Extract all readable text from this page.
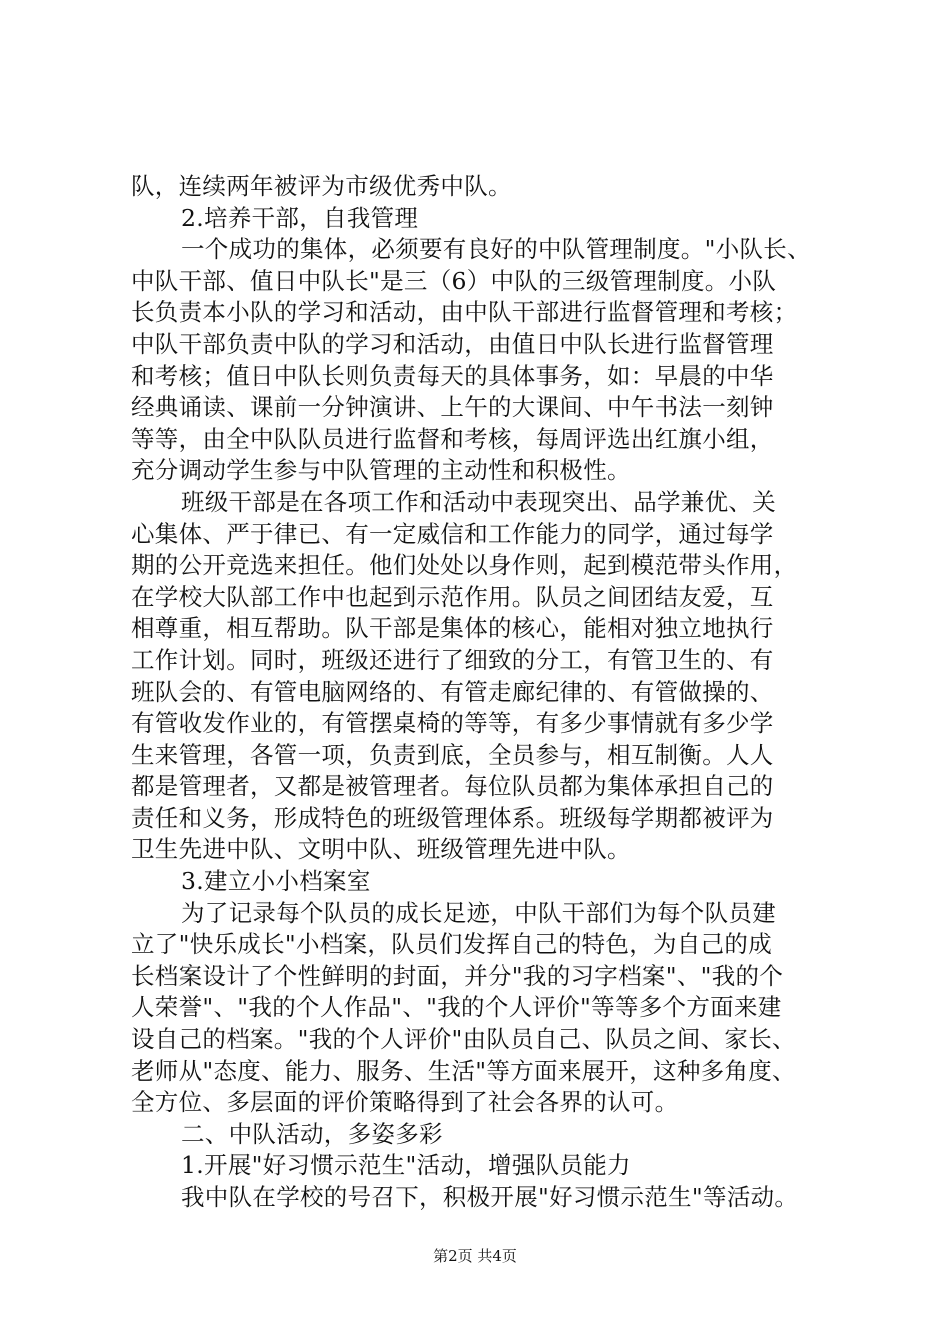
队，连续两年被评为市级优秀中队。
2.培养干部，自我管理
一个成功的集体，必须要有良好的中队管理制度。"小队长、
中队干部、值日中队长"是三（6）中队的三级管理制度。小队
长负责本小队的学习和活动，由中队干部进行监督管理和考核；
中队干部负责中队的学习和活动，由值日中队长进行监督管理
和考核；值日中队长则负责每天的具体事务，如：早晨的中华
经典诵读、课前一分钟演讲、上午的大课间、中午书法一刻钟
等等，由全中队队员进行监督和考核，每周评选出红旗小组，
充分调动学生参与中队管理的主动性和积极性。
班级干部是在各项工作和活动中表现突出、品学兼优、关
心集体、严于律已、有一定威信和工作能力的同学，通过每学
期的公开竞选来担任。他们处处以身作则，起到模范带头作用，
在学校大队部工作中也起到示范作用。队员之间团结友爱，互
相尊重，相互帮助。队干部是集体的核心，能相对独立地执行
工作计划。同时，班级还进行了细致的分工，有管卫生的、有
班队会的、有管电脑网络的、有管走廊纪律的、有管做操的、
有管收发作业的，有管摆桌椅的等等，有多少事情就有多少学
生来管理，各管一项，负责到底，全员参与，相互制衡。人人
都是管理者，又都是被管理者。每位队员都为集体承担自己的
责任和义务，形成特色的班级管理体系。班级每学期都被评为
卫生先进中队、文明中队、班级管理先进中队。
3.建立小小档案室
为了记录每个队员的成长足迹，中队干部们为每个队员建
立了"快乐成长"小档案，队员们发挥自己的特色，为自己的成
长档案设计了个性鲜明的封面，并分"我的习字档案"、"我的个
人荣誉"、"我的个人作品"、"我的个人评价"等等多个方面来建
设自己的档案。"我的个人评价"由队员自己、队员之间、家长、
老师从"态度、能力、服务、生活"等方面来展开，这种多角度、
全方位、多层面的评价策略得到了社会各界的认可。
二、中队活动，多姿多彩
1.开展"好习惯示范生"活动，增强队员能力
我中队在学校的号召下，积极开展"好习惯示范生"等活动。
第2页 共4页
